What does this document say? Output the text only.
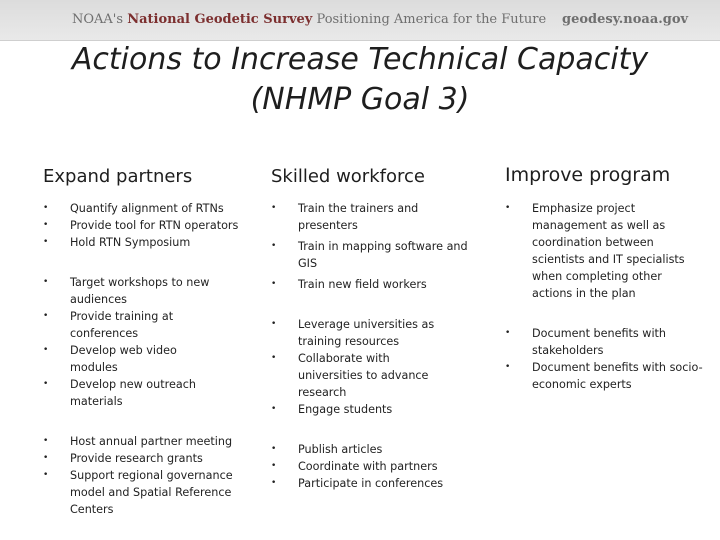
NOAA's National Geodetic Survey Positioning America for the Future geodesy.noaa.gov
Actions to Increase Technical Capacity
(NHMP Goal 3)
Expand partners
• Quantify alignment of RTNs
• Provide tool for RTN operators
• Hold RTN Symposium
• Target workshops to new audiences
• Provide training at conferences
• Develop web video modules
• Develop new outreach materials
• Host annual partner meeting
• Provide research grants
• Support regional governance model and Spatial Reference Centers
Skilled workforce
• Train the trainers and presenters
• Train in mapping software and GIS
• Train new field workers
• Leverage universities as training resources
• Collaborate with universities to advance research
• Engage students
• Publish articles
• Coordinate with partners
• Participate in conferences
Improve program
• Emphasize project management as well as coordination between scientists and IT specialists when completing other actions in the plan
• Document benefits with stakeholders
• Document benefits with socio-economic experts
